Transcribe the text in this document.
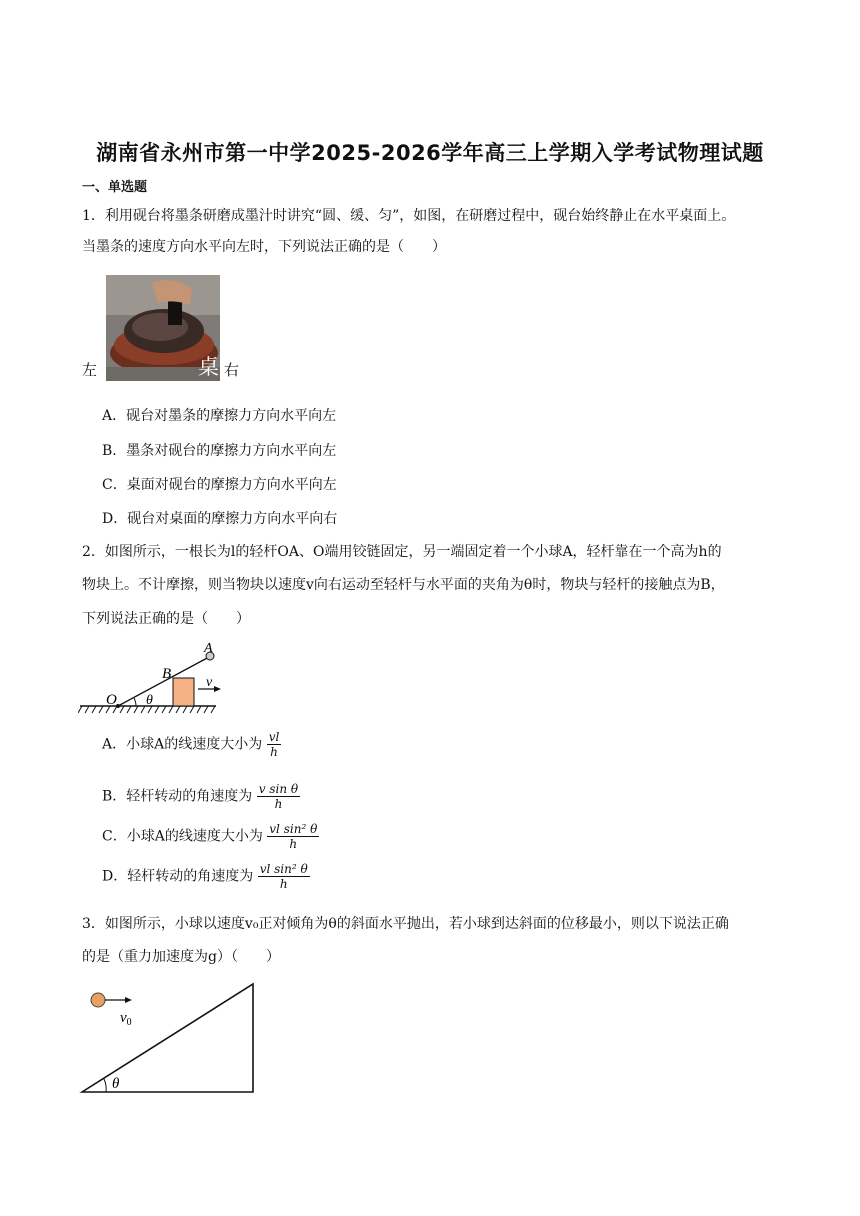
湖南省永州市第一中学2025-2026学年高三上学期入学考试物理试题
一、单选题
1．利用砚台将墨条研磨成墨汁时讲究“圆、缓、匀”，如图，在研磨过程中，砚台始终静止在水平桌面上。
当墨条的速度方向水平向左时，下列说法正确的是（　　）
左	桌 右
A．砚台对墨条的摩擦力方向水平向左
B．墨条对砚台的摩擦力方向水平向左
C．桌面对砚台的摩擦力方向水平向左
D．砚台对桌面的摩擦力方向水平向右
2．如图所示，一根长为l的轻杆OA、O端用铰链固定，另一端固定着一个小球A，轻杆靠在一个高为h的
物块上。不计摩擦，则当物块以速度v向右运动至轻杆与水平面的夹角为θ时，物块与轻杆的接触点为B，
下列说法正确的是（　　）
O θ
B
A
v
A．小球A的线速度大小为 $\frac{vl}{h}$
B．轻杆转动的角速度为 $\frac{\text{v sin θ}}{h}$
C．小球A的线速度大小为 $\frac{\text{vl sin² θ}}{h}$
D．轻杆转动的角速度为 $\frac{\text{vl sin² θ}}{h}$
3．如图所示，小球以速度v₀正对倾角为θ的斜面水平抛出，若小球到达斜面的位移最小，则以下说法正确
的是（重力加速度为g）（　　）
$v_0$
θ
